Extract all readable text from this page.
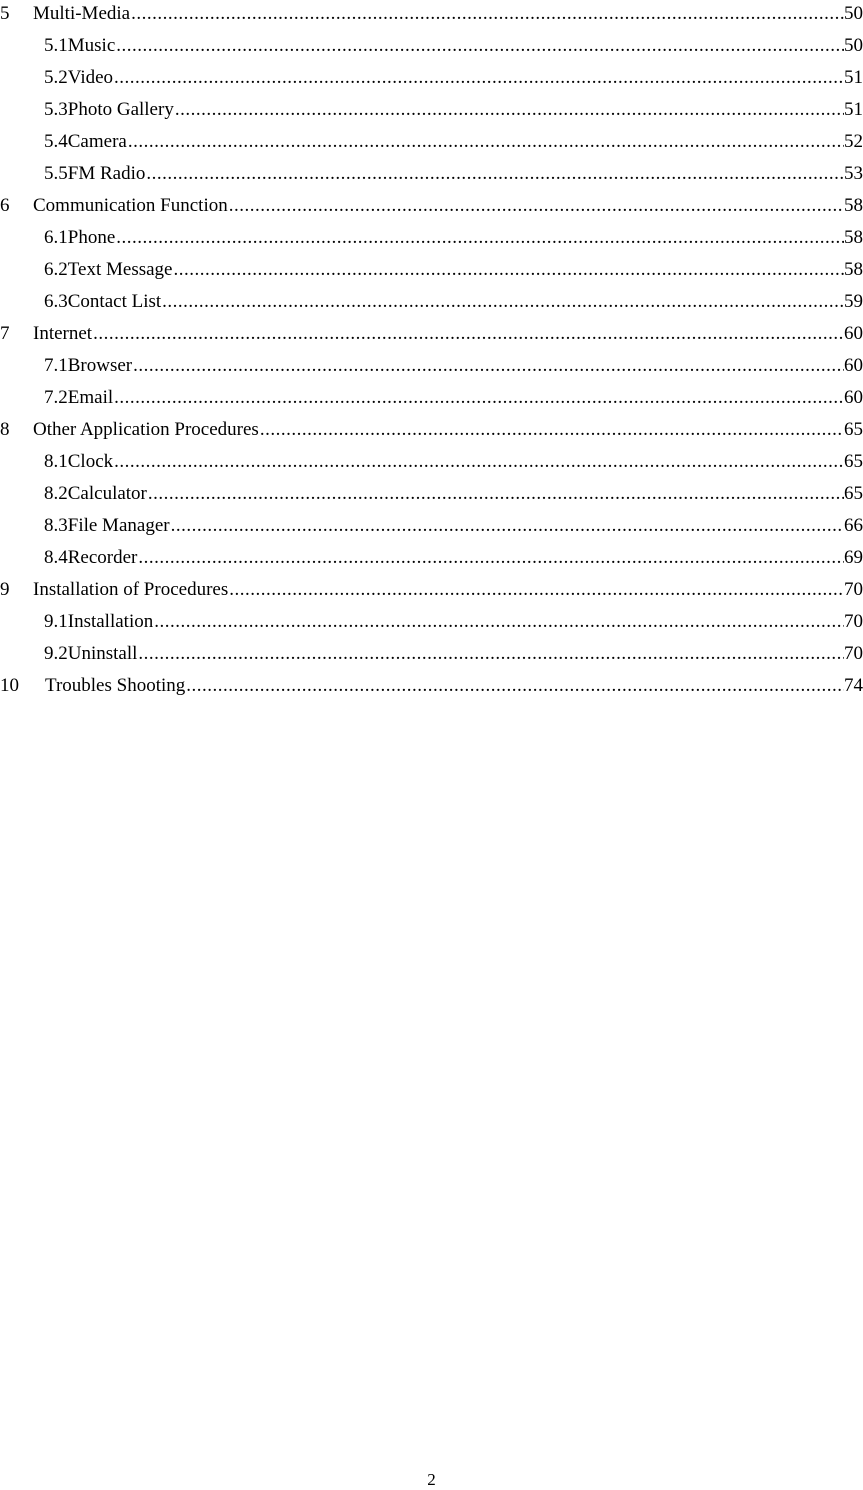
5	Multi-Media .....	50
5.1 Music .....	50
5.2 Video .....	51
5.3 Photo Gallery .....	51
5.4 Camera .....	52
5.5 FM Radio .....	53
6	Communication Function .....	58
6.1 Phone .....	58
6.2 Text Message .....	58
6.3 Contact List .....	59
7	Internet .....	60
7.1 Browser .....	60
7.2 Email .....	60
8	Other Application Procedures .....	65
8.1 Clock .....	65
8.2 Calculator .....	65
8.3 File Manager .....	66
8.4 Recorder .....	69
9	Installation of Procedures .....	70
9.1 Installation .....	70
9.2 Uninstall .....	70
10	Troubles Shooting .....	74
2
